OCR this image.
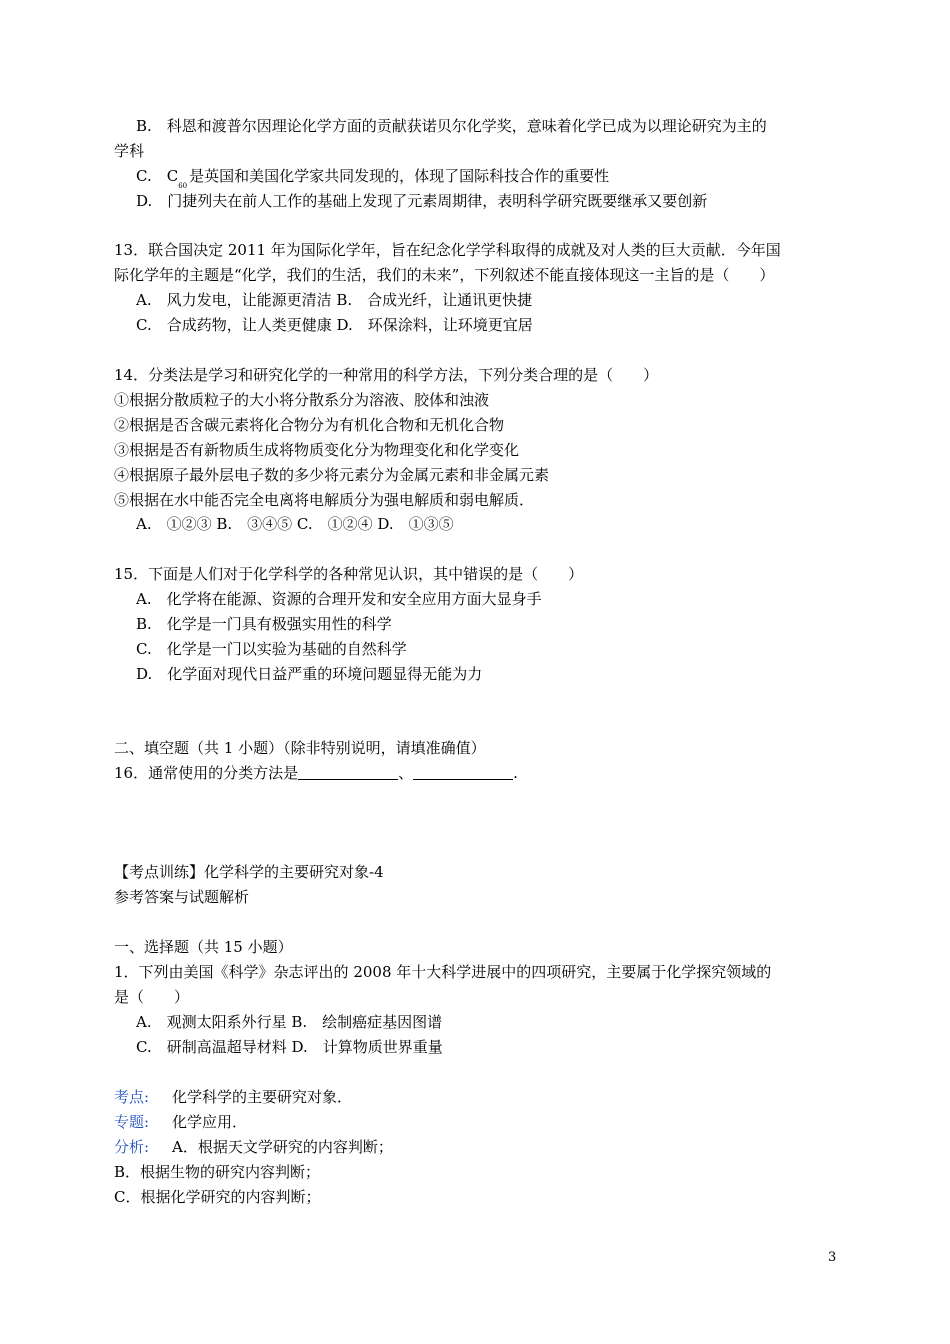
B.　科恩和渡普尔因理论化学方面的贡献获诺贝尔化学奖，意味着化学已成为以理论研究为主的
学科
C.　$C_{60}$是英国和美国化学家共同发现的，体现了国际科技合作的重要性
D.　门捷列夫在前人工作的基础上发现了元素周期律，表明科学研究既要继承又要创新
13．联合国决定 2011 年为国际化学年，旨在纪念化学学科取得的成就及对人类的巨大贡献．今年国
际化学年的主题是“化学，我们的生活，我们的未来”，下列叙述不能直接体现这一主旨的是（　　）
A.　风力发电，让能源更清洁 B.　合成光纤，让通讯更快捷
C.　合成药物，让人类更健康 D.　环保涂料，让环境更宜居
14．分类法是学习和研究化学的一种常用的科学方法，下列分类合理的是（　　）
①根据分散质粒子的大小将分散系分为溶液、胶体和浊液
②根据是否含碳元素将化合物分为有机化合物和无机化合物
③根据是否有新物质生成将物质变化分为物理变化和化学变化
④根据原子最外层电子数的多少将元素分为金属元素和非金属元素
⑤根据在水中能否完全电离将电解质分为强电解质和弱电解质．
A.　①②③ B.　③④⑤ C.　①②④ D.　①③⑤
15．下面是人们对于化学科学的各种常见认识，其中错误的是（　　）
A.　化学将在能源、资源的合理开发和安全应用方面大显身手
B.　化学是一门具有极强实用性的科学
C.　化学是一门以实验为基础的自然科学
D.　化学面对现代日益严重的环境问题显得无能为力
二、填空题（共 1 小题）（除非特别说明，请填准确值）
16．通常使用的分类方法是	、	.
【考点训练】化学科学的主要研究对象-4
参考答案与试题解析
一、选择题（共 15 小题）
1．下列由美国《科学》杂志评出的 2008 年十大科学进展中的四项研究，主要属于化学探究领域的
是（　　）
A.　观测太阳系外行星 B.　绘制癌症基因图谱
C.　研制高温超导材料 D.　计算物质世界重量
考点: 化学科学的主要研究对象．
专题: 化学应用．
分析: A．根据天文学研究的内容判断；
B．根据生物的研究内容判断；
C．根据化学研究的内容判断；
3
